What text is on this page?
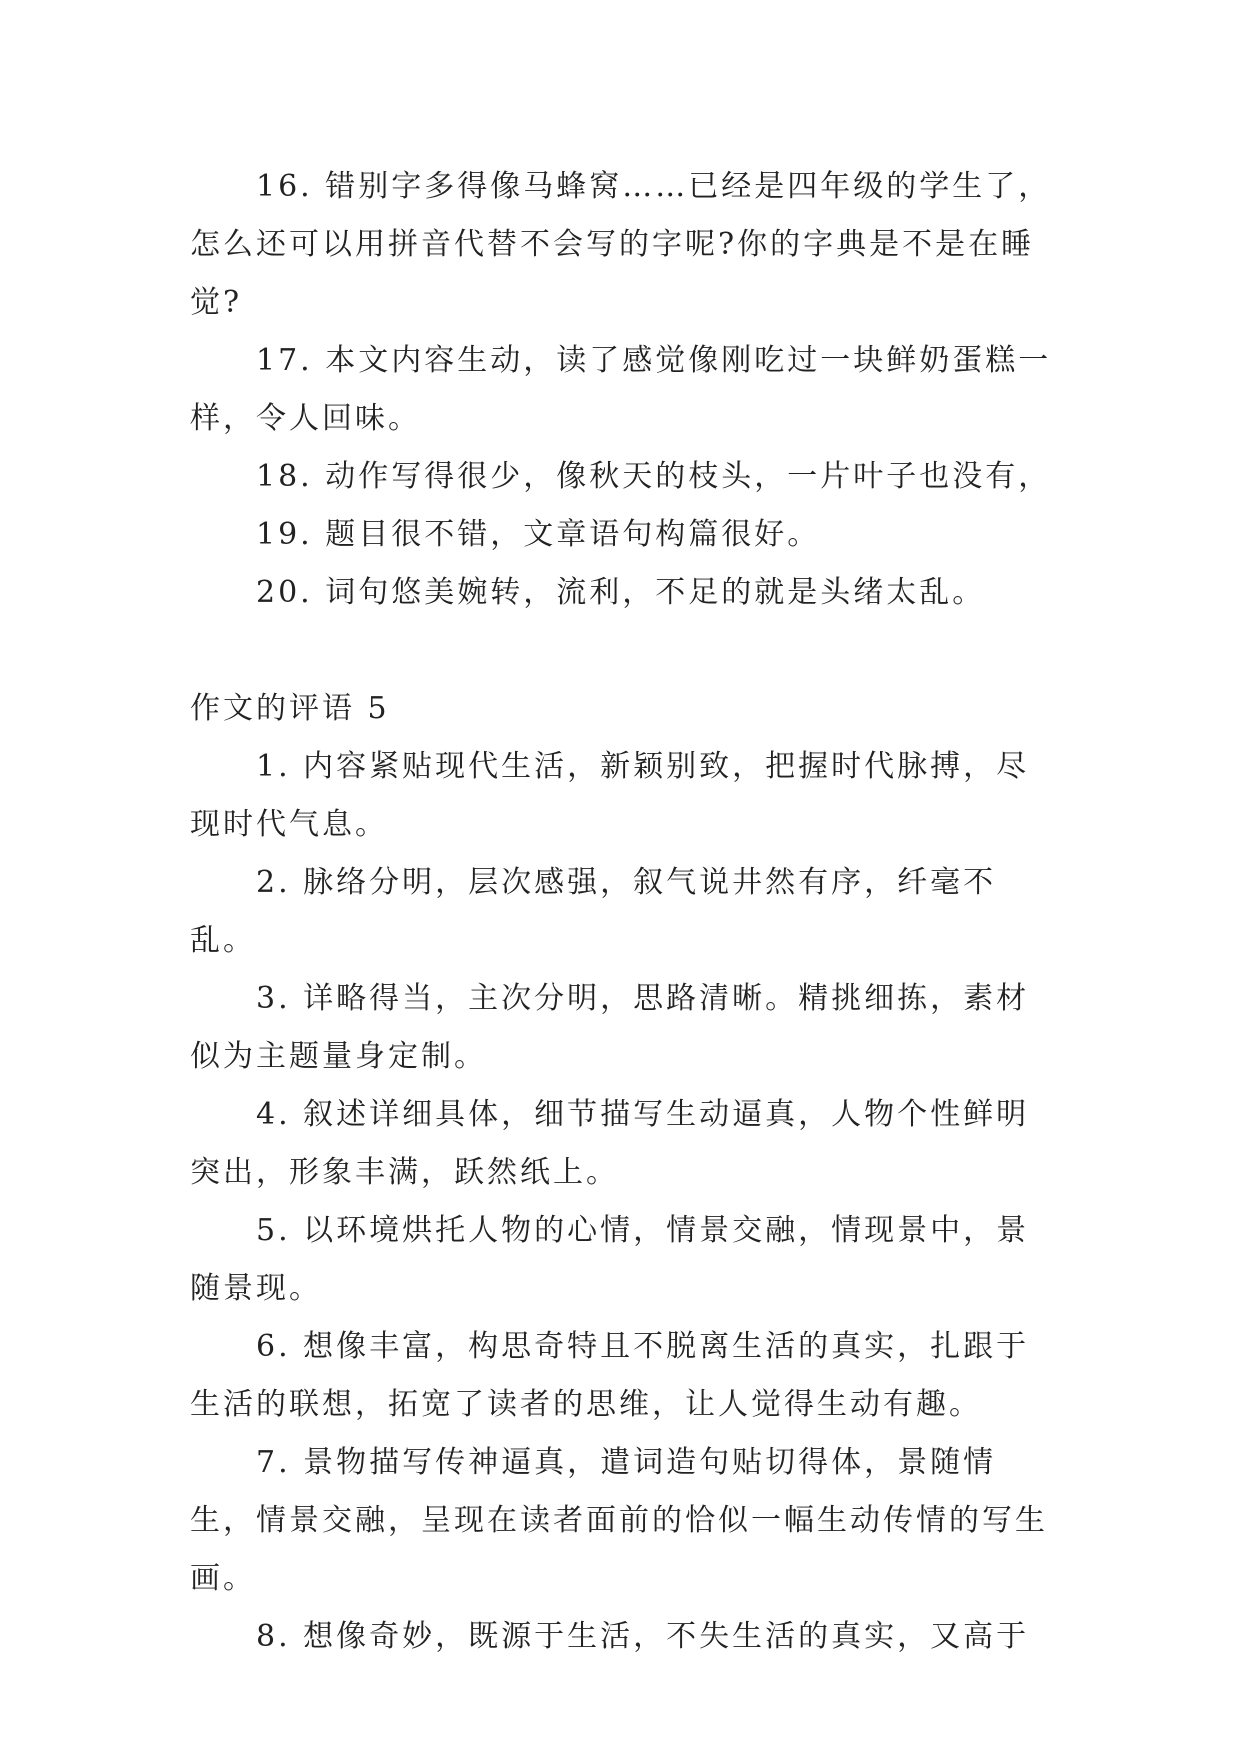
16. 错别字多得像马蜂窝……已经是四年级的学生了，怎么还可以用拼音代替不会写的字呢?你的字典是不是在睡觉?

17. 本文内容生动，读了感觉像刚吃过一块鲜奶蛋糕一样，令人回味。

18. 动作写得很少，像秋天的枝头，一片叶子也没有，

19. 题目很不错，文章语句构篇很好。

20. 词句悠美婉转，流利，不足的就是头绪太乱。

作文的评语 5

1. 内容紧贴现代生活，新颖别致，把握时代脉搏，尽现时代气息。

2. 脉络分明，层次感强，叙气说井然有序，纤毫不乱。

3. 详略得当，主次分明，思路清晰。精挑细拣，素材似为主题量身定制。

4. 叙述详细具体，细节描写生动逼真，人物个性鲜明突出，形象丰满，跃然纸上。

5. 以环境烘托人物的心情，情景交融，情现景中，景随景现。

6. 想像丰富，构思奇特且不脱离生活的真实，扎跟于生活的联想，拓宽了读者的思维，让人觉得生动有趣。

7. 景物描写传神逼真，遣词造句贴切得体，景随情生，情景交融，呈现在读者面前的恰似一幅生动传情的写生画。

8. 想像奇妙，既源于生活，不失生活的真实，又高于
